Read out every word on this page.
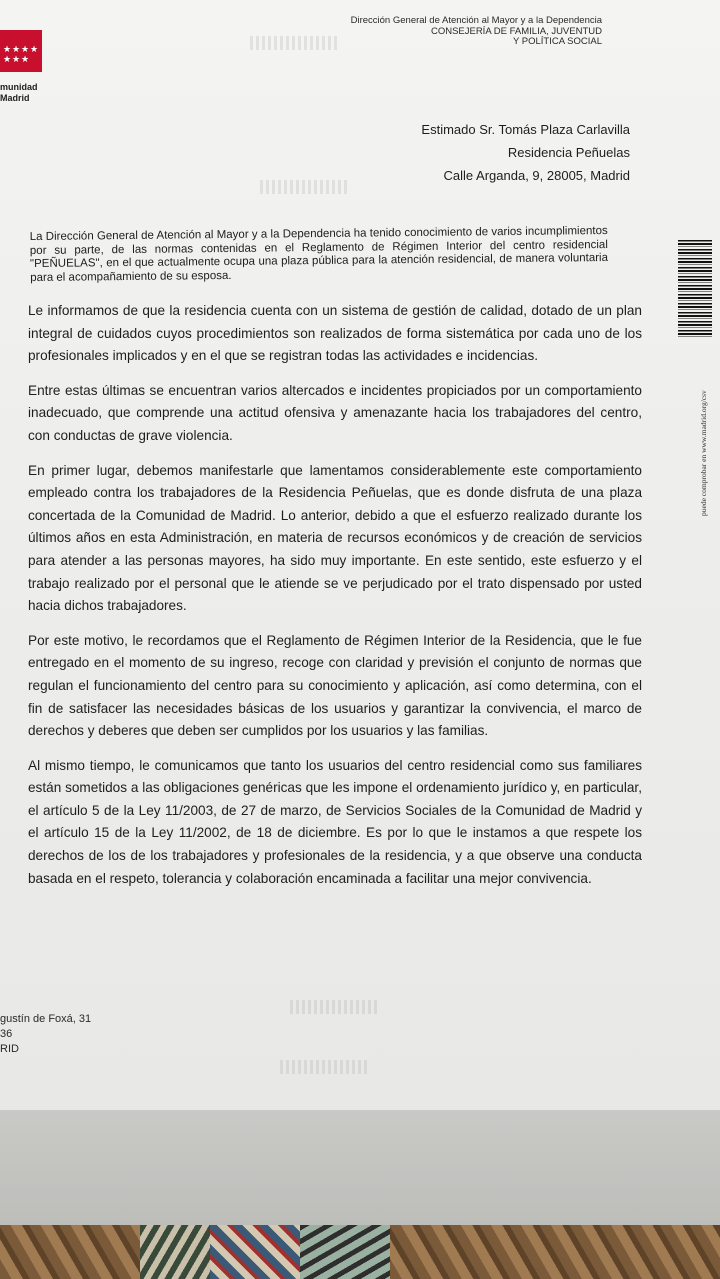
★ ★ ★ ★
★ ★ ★
munidad
Madrid
Dirección General de Atención al Mayor y a la Dependencia
CONSEJERÍA DE FAMILIA, JUVENTUD
Y POLÍTICA SOCIAL
Estimado Sr. Tomás Plaza Carlavilla
Residencia Peñuelas
Calle Arganda, 9, 28005, Madrid

La Dirección General de Atención al Mayor y a la Dependencia ha tenido conocimiento de varios incumplimientos por su parte, de las normas contenidas en el Reglamento de Régimen Interior del centro residencial "PEÑUELAS", en el que actualmente ocupa una plaza pública para la atención residencial, de manera voluntaria para el acompañamiento de su esposa.

Le informamos de que la residencia cuenta con un sistema de gestión de calidad, dotado de un plan integral de cuidados cuyos procedimientos son realizados de forma sistemática por cada uno de los profesionales implicados y en el que se registran todas las actividades e incidencias.

Entre estas últimas se encuentran varios altercados e incidentes propiciados por un comportamiento inadecuado, que comprende una actitud ofensiva y amenazante hacia los trabajadores del centro, con conductas de grave violencia.

En primer lugar, debemos manifestarle que lamentamos considerablemente este comportamiento empleado contra los trabajadores de la Residencia Peñuelas, que es donde disfruta de una plaza concertada de la Comunidad de Madrid. Lo anterior, debido a que el esfuerzo realizado durante los últimos años en esta Administración, en materia de recursos económicos y de creación de servicios para atender a las personas mayores, ha sido muy importante. En este sentido, este esfuerzo y el trabajo realizado por el personal que le atiende se ve perjudicado por el trato dispensado por usted hacia dichos trabajadores.

Por este motivo, le recordamos que el Reglamento de Régimen Interior de la Residencia, que le fue entregado en el momento de su ingreso, recoge con claridad y previsión el conjunto de normas que regulan el funcionamiento del centro para su conocimiento y aplicación, así como determina, con el fin de satisfacer las necesidades básicas de los usuarios y garantizar la convivencia, el marco de derechos y deberes que deben ser cumplidos por los usuarios y las familias.

Al mismo tiempo, le comunicamos que tanto los usuarios del centro residencial como sus familiares están sometidos a las obligaciones genéricas que les impone el ordenamiento jurídico y, en particular, el artículo 5 de la Ley 11/2003, de 27 de marzo, de Servicios Sociales de la Comunidad de Madrid y el artículo 15 de la Ley 11/2002, de 18 de diciembre. Es por lo que le instamos a que respete los derechos de los de los trabajadores y profesionales de la residencia, y a que observe una conducta basada en el respeto, tolerancia y colaboración encaminada a facilitar una mejor convivencia.

gustín de Foxá, 31
36
RID
puede comprobar en www.madrid.org/csv
